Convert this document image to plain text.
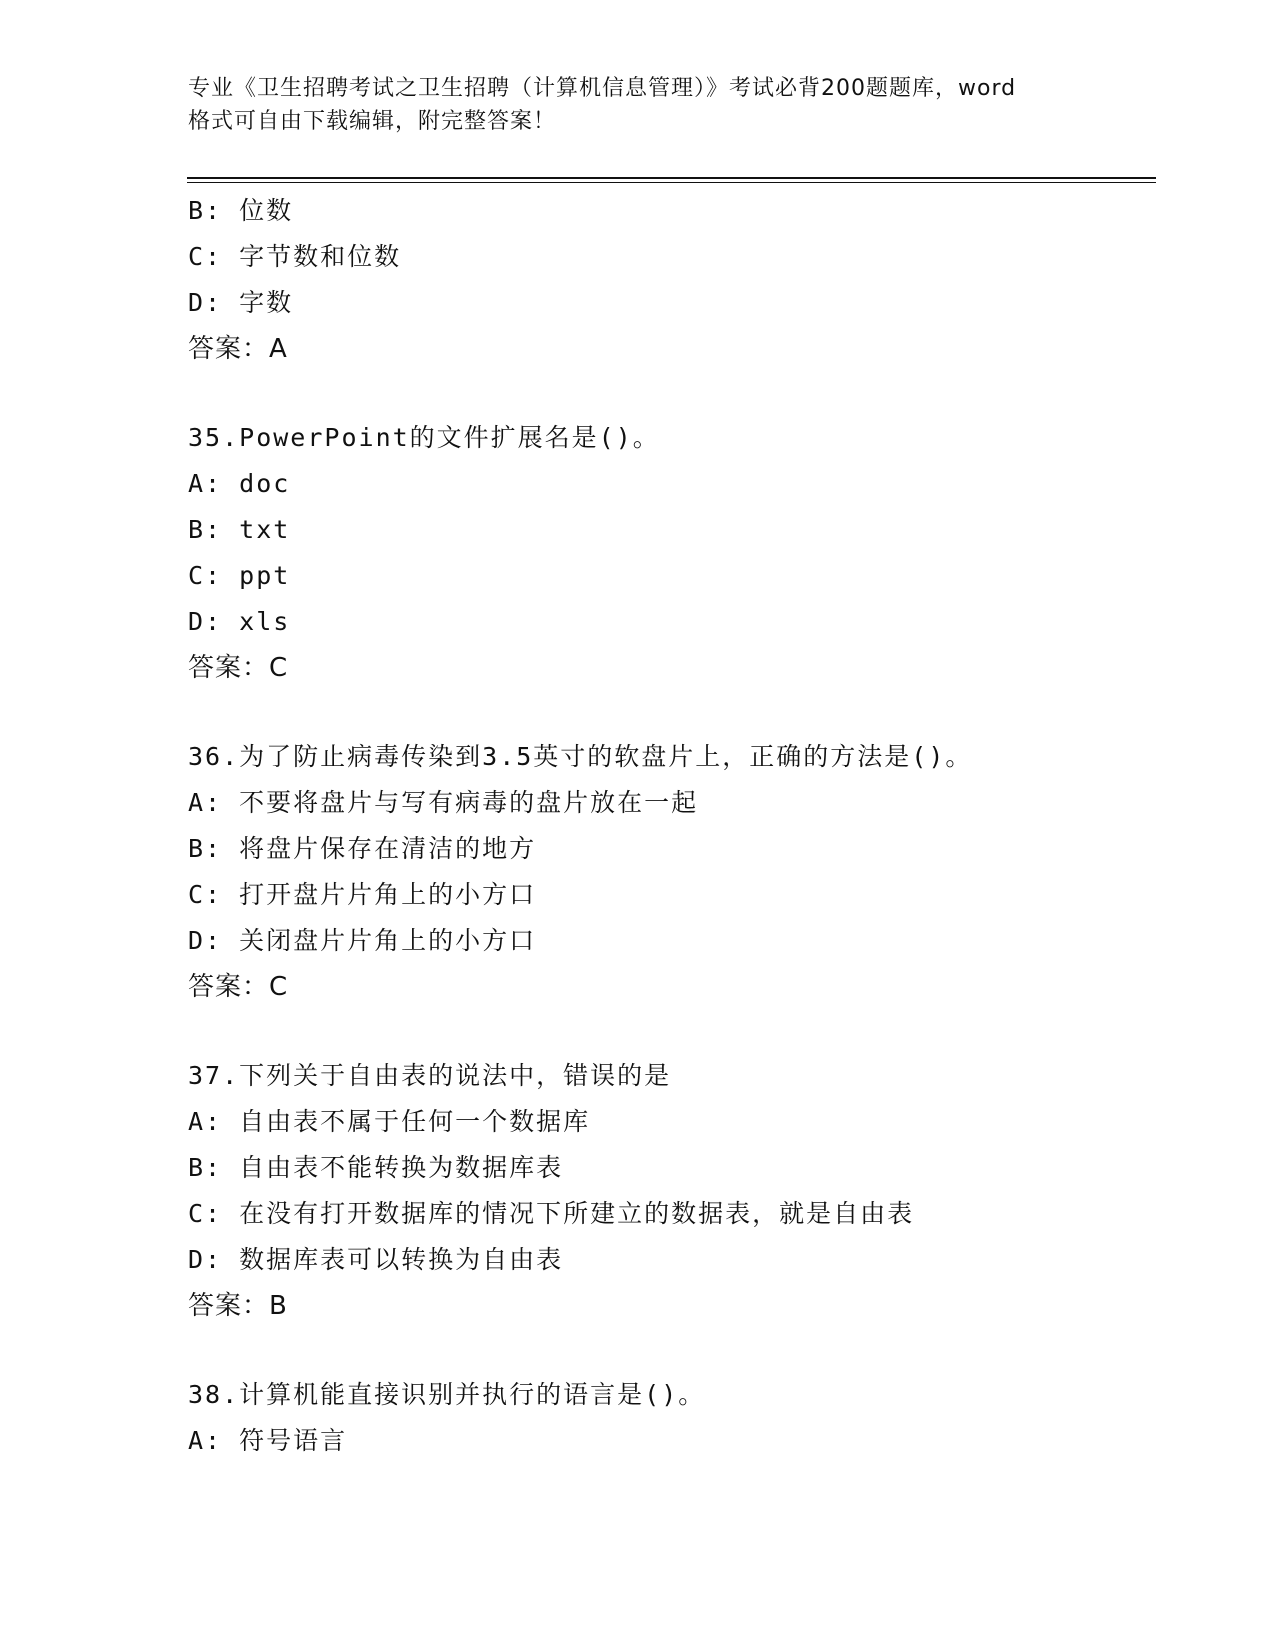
专业《卫生招聘考试之卫生招聘（计算机信息管理）》考试必背200题题库，word
格式可自由下载编辑，附完整答案！
B: 位数
C: 字节数和位数
D: 字数
答案：A
35.PowerPoint的文件扩展名是()。
A: doc
B: txt
C: ppt
D: xls
答案：C
36.为了防止病毒传染到3.5英寸的软盘片上，正确的方法是()。
A: 不要将盘片与写有病毒的盘片放在一起
B: 将盘片保存在清洁的地方
C: 打开盘片片角上的小方口
D: 关闭盘片片角上的小方口
答案：C
37.下列关于自由表的说法中，错误的是
A: 自由表不属于任何一个数据库
B: 自由表不能转换为数据库表
C: 在没有打开数据库的情况下所建立的数据表，就是自由表
D: 数据库表可以转换为自由表
答案：B
38.计算机能直接识别并执行的语言是()。
A: 符号语言
